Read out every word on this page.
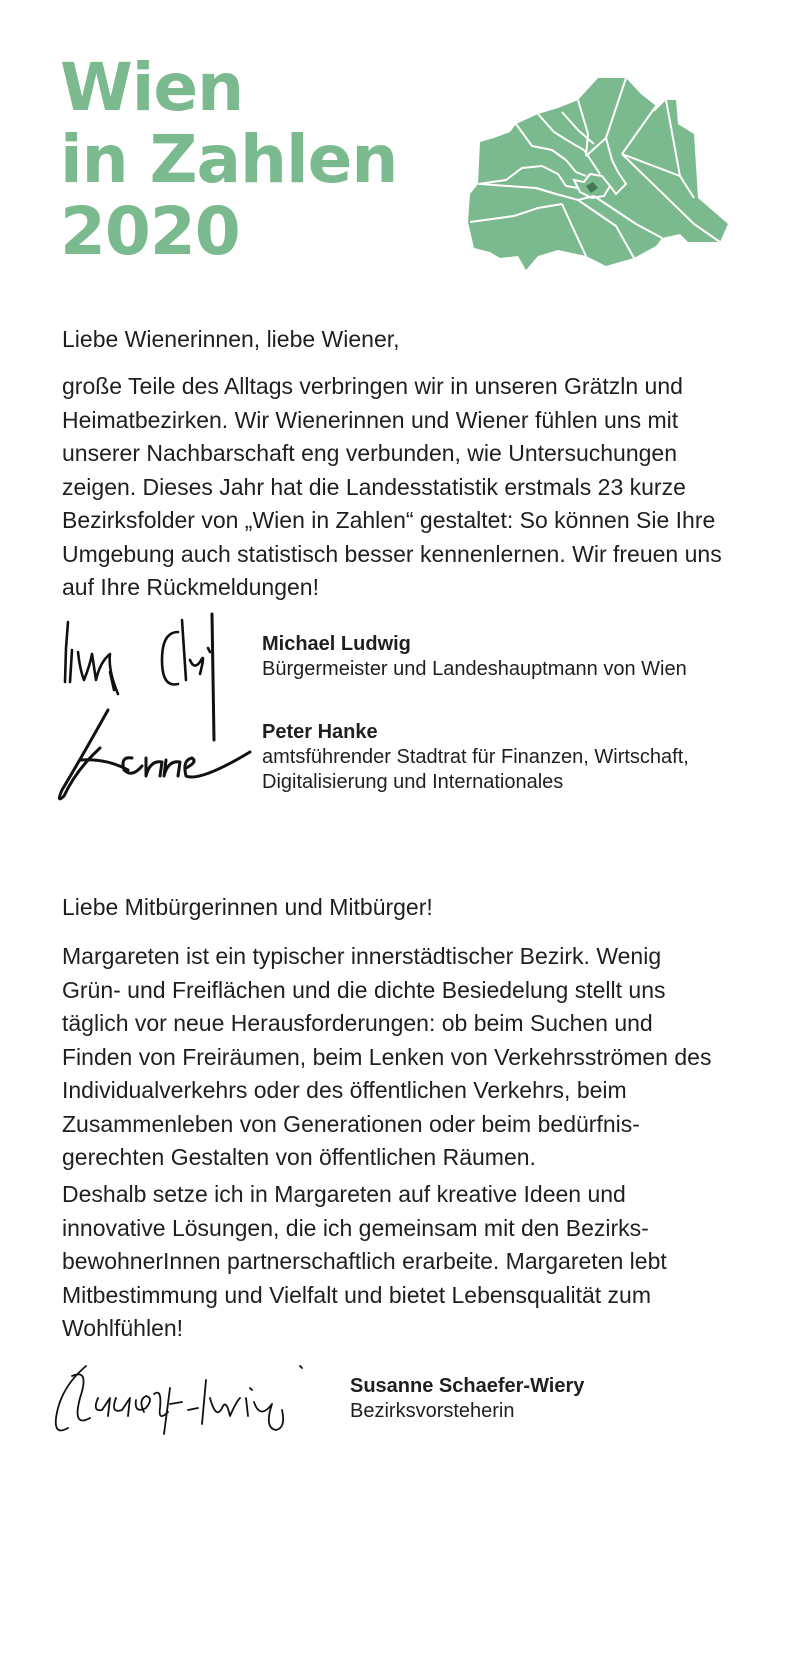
Wien
in Zahlen
2020

Liebe Wienerinnen, liebe Wiener,

große Teile des Alltags verbringen wir in unseren Grätzln und Heimatbezirken. Wir Wienerinnen und Wiener fühlen uns mit unserer Nachbarschaft eng verbunden, wie Untersuchungen zeigen. Dieses Jahr hat die Landesstatistik erstmals 23 kurze Bezirksfolder von „Wien in Zahlen“ gestaltet: So können Sie Ihre Umgebung auch statistisch besser kennenlernen. Wir freuen uns auf Ihre Rückmeldungen!

Michael Ludwig
Bürgermeister und Landeshauptmann von Wien
Peter Hanke
amtsführender Stadtrat für Finanzen, Wirtschaft, Digitalisierung und Internationales

Liebe Mitbürgerinnen und Mitbürger!

Margareten ist ein typischer innerstädtischer Bezirk. Wenig Grün- und Freiflächen und die dichte Besiedelung stellt uns täglich vor neue Herausforderungen: ob beim Suchen und Finden von Freiräumen, beim Lenken von Verkehrsströmen des Individualverkehrs oder des öffentlichen Verkehrs, beim Zusammenleben von Generationen oder beim bedürfnisgerechten Gestalten von öffentlichen Räumen.

Deshalb setze ich in Margareten auf kreative Ideen und innovative Lösungen, die ich gemeinsam mit den BezirksbewohnerInnen partnerschaftlich erarbeite. Margareten lebt Mitbestimmung und Vielfalt und bietet Lebensqualität zum Wohlfühlen!

Susanne Schaefer-Wiery
Bezirksvorsteherin
